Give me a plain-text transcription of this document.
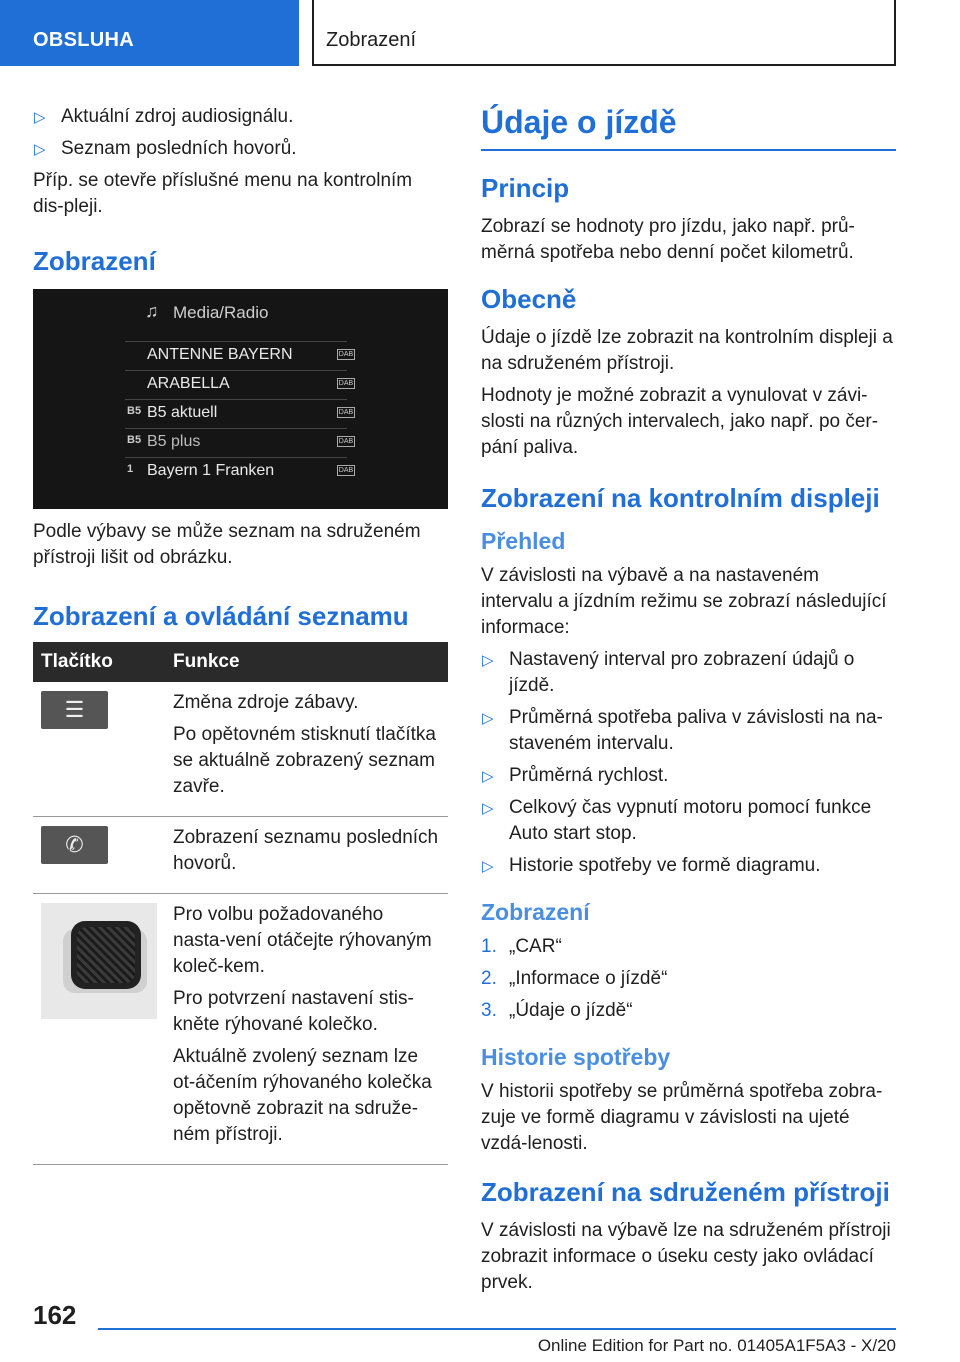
OBSLUHA	Zobrazení
▷ Aktuální zdroj audiosignálu.
▷ Seznam posledních hovorů.

Příp. se otevře příslušné menu na kontrolním dis-pleji.

Zobrazení
♫ Media/Radio
ANTENNE BAYERN	DAB
ARABELLA	DAB
B5 B5 aktuell	DAB
B5 B5 plus	DAB
1 Bayern 1 Franken	DAB

Podle výbavy se může seznam na sdruženém přístroji lišit od obrázku.

Zobrazení a ovládání seznamu
Tlačítko	Funkce

☰	Změna zdroje zábavy.

Po opětovném stisknutí tlačítka se aktuálně zobrazený seznam zavře.

✆	Zobrazení seznamu posledních hovorů.

	Pro volbu požadovaného nasta-vení otáčejte rýhovaným koleč-kem.

Pro potvrzení nastavení stis-kněte rýhované kolečko.

Aktuálně zvolený seznam lze ot-áčením rýhovaného kolečka opětovně zobrazit na sdruže-ném přístroji.

Údaje o jízdě
Princip

Zobrazí se hodnoty pro jízdu, jako např. prů-měrná spotřeba nebo denní počet kilometrů.

Obecně

Údaje o jízdě lze zobrazit na kontrolním displeji a na sdruženém přístroji.

Hodnoty je možné zobrazit a vynulovat v závi-slosti na různých intervalech, jako např. po čer-pání paliva.

Zobrazení na kontrolním displeji
Přehled

V závislosti na výbavě a na nastaveném intervalu a jízdním režimu se zobrazí následující informace:

▷ Nastavený interval pro zobrazení údajů o jízdě.
▷ Průměrná spotřeba paliva v závislosti na na-staveném intervalu.
▷ Průměrná rychlost.
▷ Celkový čas vypnutí motoru pomocí funkce Auto start stop.
▷ Historie spotřeby ve formě diagramu.
Zobrazení
1. „CAR“
2. „Informace o jízdě“
3. „Údaje o jízdě“
Historie spotřeby

V historii spotřeby se průměrná spotřeba zobra-zuje ve formě diagramu v závislosti na ujeté vzdá-lenosti.

Zobrazení na sdruženém přístroji

V závislosti na výbavě lze na sdruženém přístroji zobrazit informace o úseku cesty jako ovládací prvek.

162
Online Edition for Part no. 01405A1F5A3 - X/20
